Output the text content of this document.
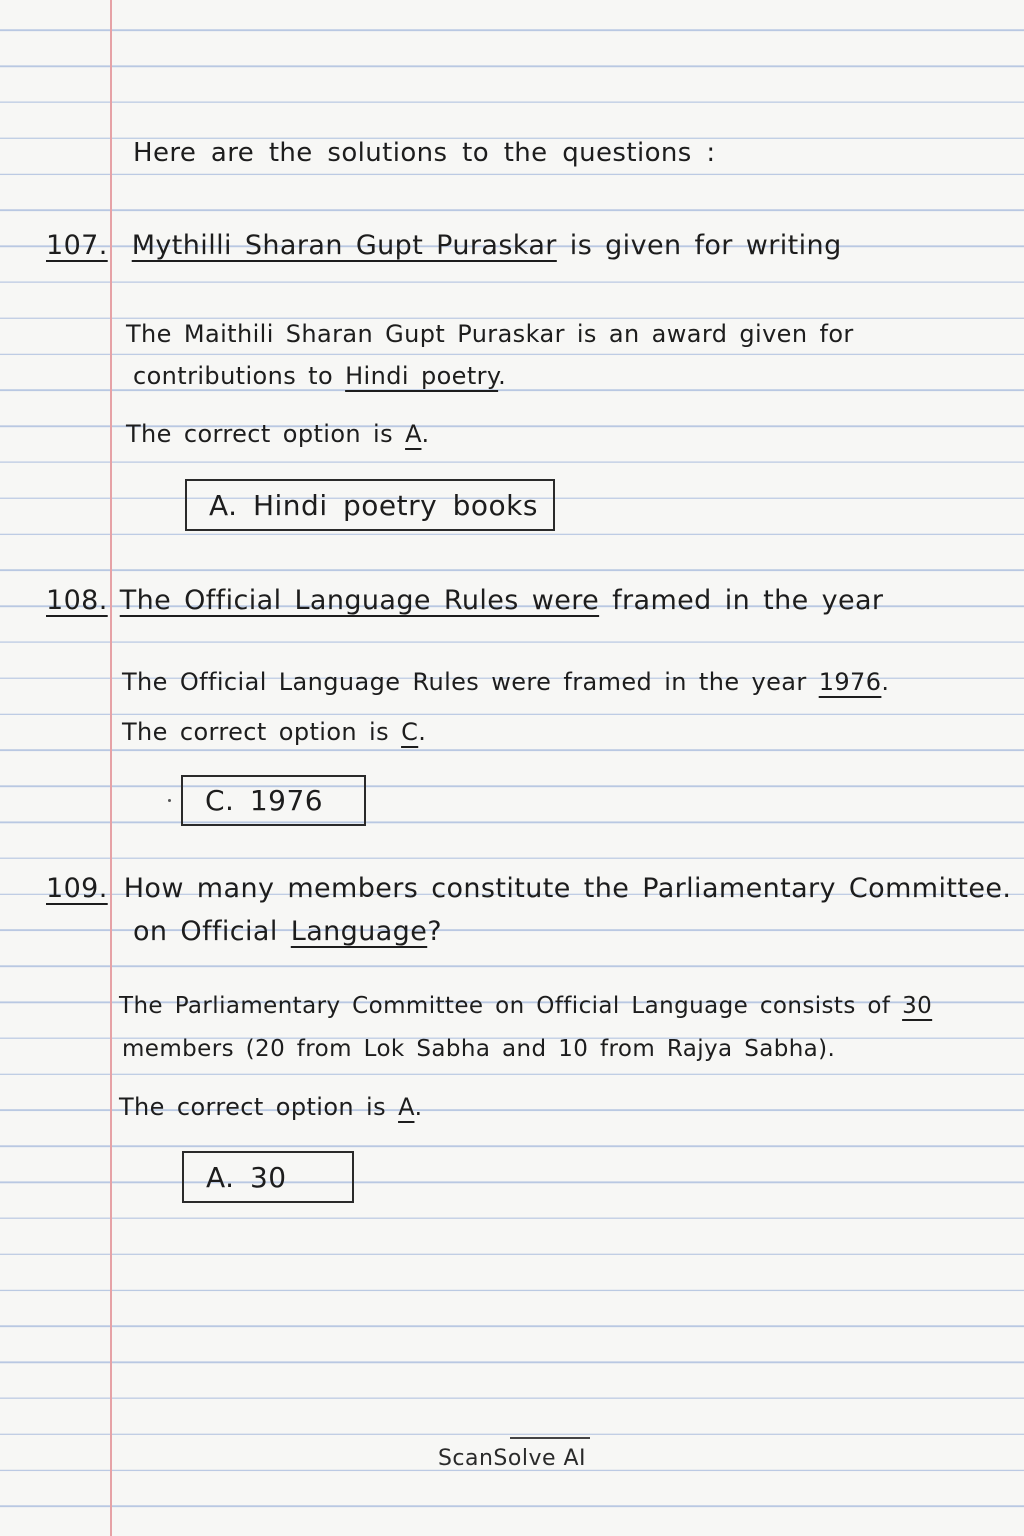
Here are the solutions to the questions :
107. Mythilli Sharan Gupt Puraskar is given for writing
The Maithili Sharan Gupt Puraskar is an award given for
contributions to Hindi poetry.
The correct option is A.
A. Hindi poetry books
108. The Official Language Rules were framed in the year
The Official Language Rules were framed in the year 1976.
The correct option is C.
C. 1976
109. How many members constitute the Parliamentary Committee.
on Official Language?
The Parliamentary Committee on Official Language consists of 30
members (20 from Lok Sabha and 10 from Rajya Sabha).
The correct option is A.
A. 30
ScanSolve AI
